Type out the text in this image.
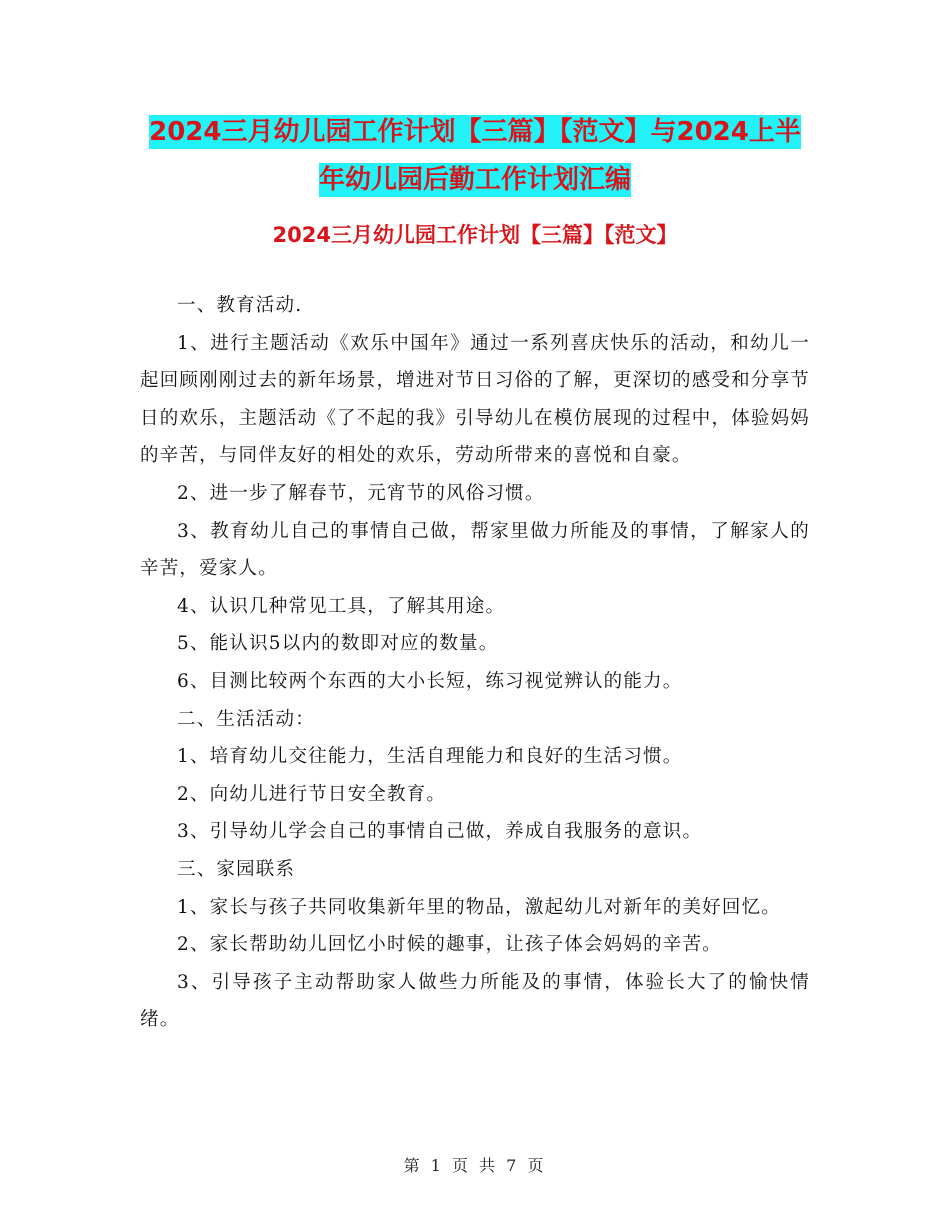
2024三月幼儿园工作计划【三篇】【范文】与2024上半年幼儿园后勤工作计划汇编
2024三月幼儿园工作计划【三篇】【范文】

一、教育活动.

1、进行主题活动《欢乐中国年》通过一系列喜庆快乐的活动，和幼儿一起回顾刚刚过去的新年场景，增进对节日习俗的了解，更深切的感受和分享节日的欢乐，主题活动《了不起的我》引导幼儿在模仿展现的过程中，体验妈妈的辛苦，与同伴友好的相处的欢乐，劳动所带来的喜悦和自豪。

2、进一步了解春节，元宵节的风俗习惯。

3、教育幼儿自己的事情自己做，帮家里做力所能及的事情，了解家人的辛苦，爱家人。

4、认识几种常见工具，了解其用途。

5、能认识5以内的数即对应的数量。

6、目测比较两个东西的大小长短，练习视觉辨认的能力。

二、生活活动：

1、培育幼儿交往能力，生活自理能力和良好的生活习惯。

2、向幼儿进行节日安全教育。

3、引导幼儿学会自己的事情自己做，养成自我服务的意识。

三、家园联系

1、家长与孩子共同收集新年里的物品，激起幼儿对新年的美好回忆。

2、家长帮助幼儿回忆小时候的趣事，让孩子体会妈妈的辛苦。

3、引导孩子主动帮助家人做些力所能及的事情，体验长大了的愉快情绪。

第 1 页 共 7 页
